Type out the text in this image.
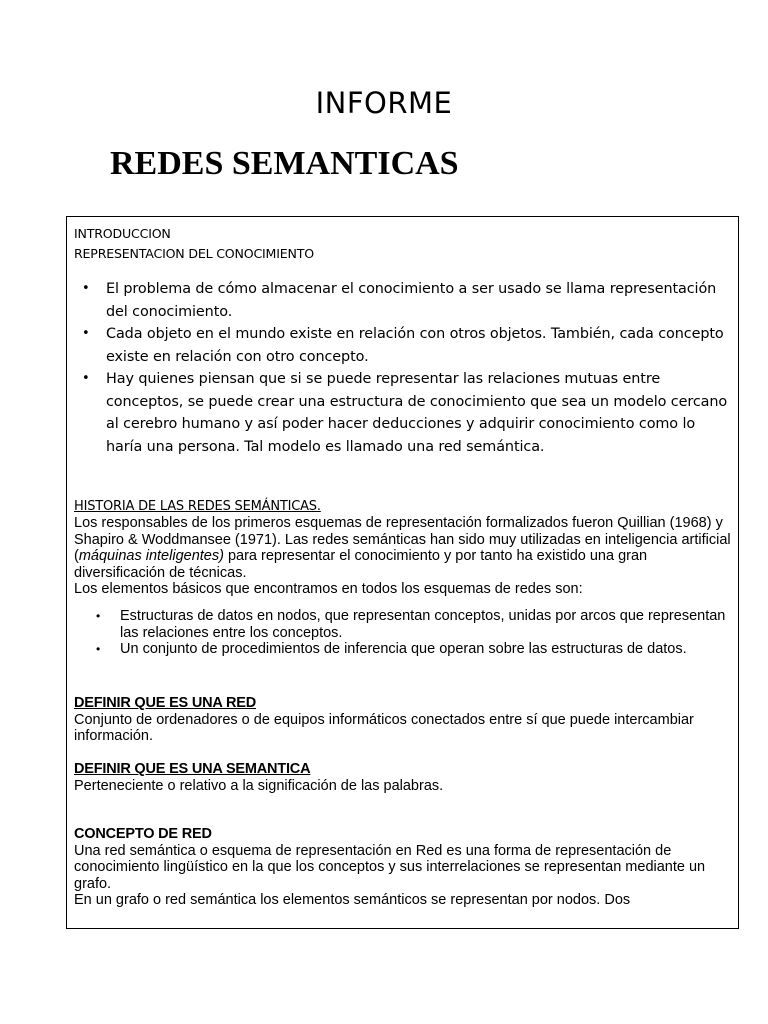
INFORME
REDES SEMANTICAS
INTRODUCCION
REPRESENTACION DEL CONOCIMIENTO
• El problema de cómo almacenar el conocimiento a ser usado se llama representación del conocimiento.
• Cada objeto en el mundo existe en relación con otros objetos. También, cada concepto existe en relación con otro concepto.
• Hay quienes piensan que si se puede representar las relaciones mutuas entre conceptos, se puede crear una estructura de conocimiento que sea un modelo cercano al cerebro humano y así poder hacer deducciones y adquirir conocimiento como lo haría una persona. Tal modelo es llamado una red semántica.
HISTORIA DE LAS REDES SEMÁNTICAS.

Los responsables de los primeros esquemas de representación formalizados fueron Quillian (1968) y Shapiro & Woddmansee (1971). Las redes semánticas han sido muy utilizadas en inteligencia artificial (máquinas inteligentes) para representar el conocimiento y por tanto ha existido una gran diversificación de técnicas.

Los elementos básicos que encontramos en todos los esquemas de redes son:

• Estructuras de datos en nodos, que representan conceptos, unidas por arcos que representan las relaciones entre los conceptos.
• Un conjunto de procedimientos de inferencia que operan sobre las estructuras de datos.
DEFINIR QUE ES UNA RED

Conjunto de ordenadores o de equipos informáticos conectados entre sí que puede intercambiar información.

DEFINIR QUE ES UNA SEMANTICA

Perteneciente o relativo a la significación de las palabras.

CONCEPTO DE RED

Una red semántica o esquema de representación en Red es una forma de representación de conocimiento lingüístico en la que los conceptos y sus interrelaciones se representan mediante un grafo.

En un grafo o red semántica los elementos semánticos se representan por nodos. Dos
